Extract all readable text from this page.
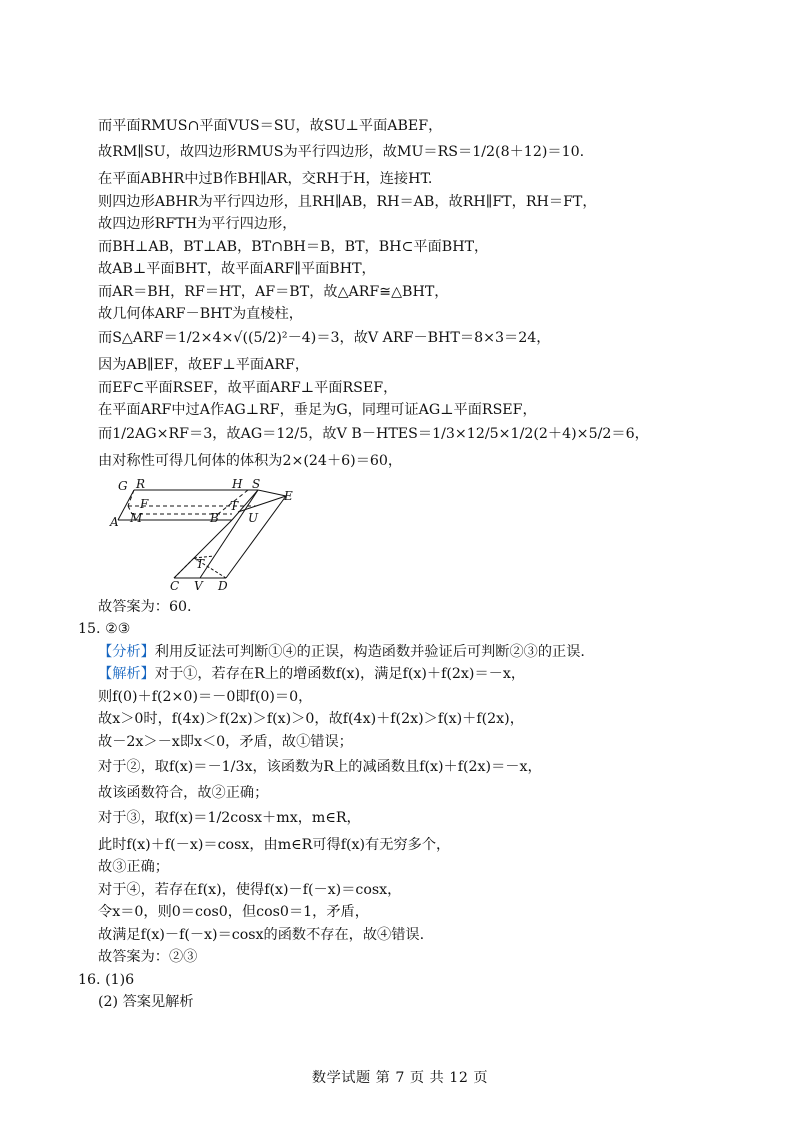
而平面RMUS∩平面VUS＝SU，故SU⊥平面ABEF，
故RM∥SU，故四边形RMUS为平行四边形，故MU＝RS＝1/2(8＋12)＝10.
在平面ABHR中过B作BH∥AR，交RH于H，连接HT.
则四边形ABHR为平行四边形，且RH∥AB，RH＝AB，故RH∥FT，RH＝FT，
故四边形RFTH为平行四边形，
而BH⊥AB，BT⊥AB，BT∩BH＝B，BT，BH⊂平面BHT，
故AB⊥平面BHT，故平面ARF∥平面BHT，
而AR＝BH，RF＝HT，AF＝BT，故△ARF≅△BHT，
故几何体ARF－BHT为直棱柱，
而S△ARF＝1/2×4×√((5/2)²－4)＝3，故V ARF－BHT＝8×3＝24，
因为AB∥EF，故EF⊥平面ARF，
而EF⊂平面RSEF，故平面ARF⊥平面RSEF，
在平面ARF中过A作AG⊥RF，垂足为G，同理可证AG⊥平面RSEF，
而1/2AG×RF＝3，故AG＝12/5，故V B－HTES＝1/3×12/5×1/2(2＋4)×5/2＝6，
由对称性可得几何体的体积为2×(24＋6)＝60，
G R	H S
E
F	T
A M	B U
T
C V D
故答案为：60.
15. ②③
【分析】利用反证法可判断①④的正误，构造函数并验证后可判断②③的正误.
【解析】对于①，若存在R上的增函数f(x)，满足f(x)＋f(2x)＝－x，
则f(0)＋f(2×0)＝－0即f(0)＝0，
故x＞0时，f(4x)＞f(2x)＞f(x)＞0，故f(4x)＋f(2x)＞f(x)＋f(2x)，
故－2x＞－x即x＜0，矛盾，故①错误；
对于②，取f(x)＝－1/3x，该函数为R上的减函数且f(x)＋f(2x)＝－x，
故该函数符合，故②正确；
对于③，取f(x)＝1/2cosx＋mx，m∈R，
此时f(x)＋f(－x)＝cosx，由m∈R可得f(x)有无穷多个，
故③正确；
对于④，若存在f(x)，使得f(x)－f(－x)＝cosx，
令x＝0，则0＝cos0，但cos0＝1，矛盾，
故满足f(x)－f(－x)＝cosx的函数不存在，故④错误.
故答案为：②③
16. (1)6
(2) 答案见解析
数学试题 第 7 页 共 12 页
